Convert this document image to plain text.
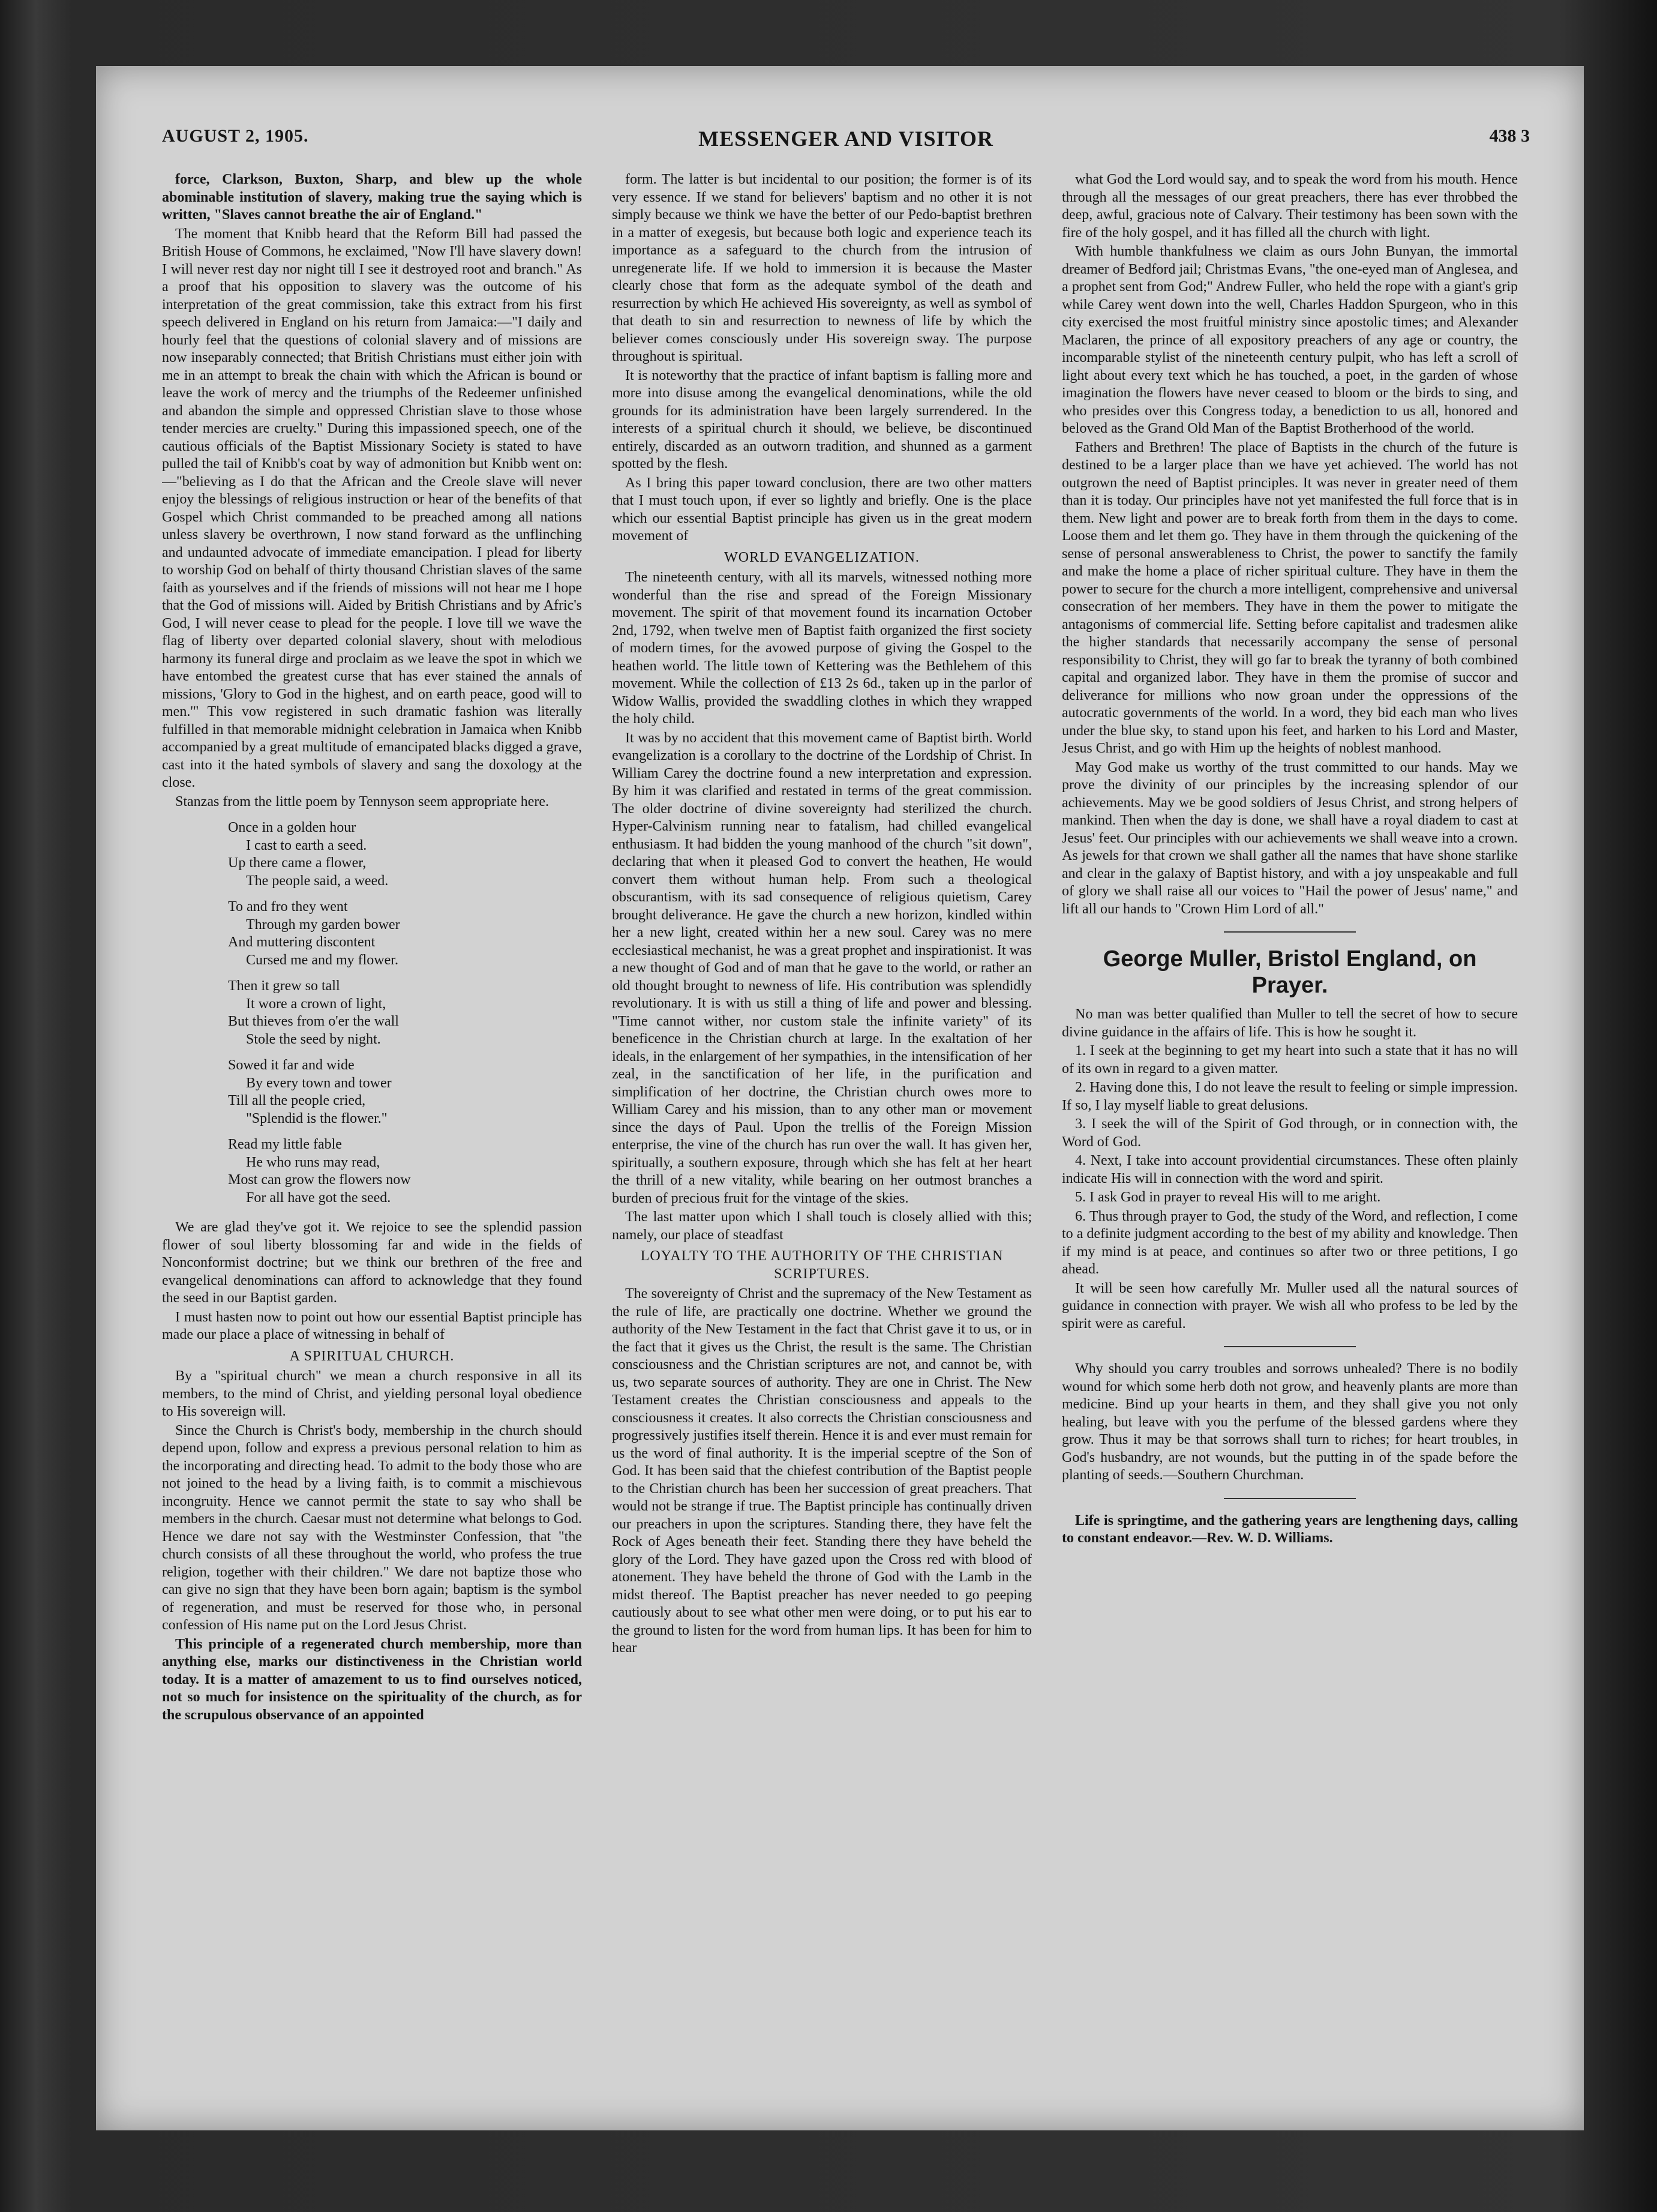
AUGUST 2, 1905.	MESSENGER AND VISITOR	438 3

force, Clarkson, Buxton, Sharp, and blew up the whole abominable institution of slavery, making true the saying which is written, "Slaves cannot breathe the air of England."

The moment that Knibb heard that the Reform Bill had passed the British House of Commons, he exclaimed, "Now I'll have slavery down! I will never rest day nor night till I see it destroyed root and branch." As a proof that his opposition to slavery was the outcome of his interpretation of the great commission, take this extract from his first speech delivered in England on his return from Jamaica:—"I daily and hourly feel that the questions of colonial slavery and of missions are now inseparably connected; that British Christians must either join with me in an attempt to break the chain with which the African is bound or leave the work of mercy and the triumphs of the Redeemer unfinished and abandon the simple and oppressed Christian slave to those whose tender mercies are cruelty." During this impassioned speech, one of the cautious officials of the Baptist Missionary Society is stated to have pulled the tail of Knibb's coat by way of admonition but Knibb went on:—"believing as I do that the African and the Creole slave will never enjoy the blessings of religious instruction or hear of the benefits of that Gospel which Christ commanded to be preached among all nations unless slavery be overthrown, I now stand forward as the unflinching and undaunted advocate of immediate emancipation. I plead for liberty to worship God on behalf of thirty thousand Christian slaves of the same faith as yourselves and if the friends of missions will not hear me I hope that the God of missions will. Aided by British Christians and by Afric's God, I will never cease to plead for the people. I love till we wave the flag of liberty over departed colonial slavery, shout with melodious harmony its funeral dirge and proclaim as we leave the spot in which we have entombed the greatest curse that has ever stained the annals of missions, 'Glory to God in the highest, and on earth peace, good will to men.'" This vow registered in such dramatic fashion was literally fulfilled in that memorable midnight celebration in Jamaica when Knibb accompanied by a great multitude of emancipated blacks digged a grave, cast into it the hated symbols of slavery and sang the doxology at the close.

Stanzas from the little poem by Tennyson seem appropriate here.

Once in a golden hour
I cast to earth a seed.
Up there came a flower,
The people said, a weed.
To and fro they went
Through my garden bower
And muttering discontent
Cursed me and my flower.
Then it grew so tall
It wore a crown of light,
But thieves from o'er the wall
Stole the seed by night.
Sowed it far and wide
By every town and tower
Till all the people cried,
"Splendid is the flower."
Read my little fable
He who runs may read,
Most can grow the flowers now
For all have got the seed.

We are glad they've got it. We rejoice to see the splendid passion flower of soul liberty blossoming far and wide in the fields of Nonconformist doctrine; but we think our brethren of the free and evangelical denominations can afford to acknowledge that they found the seed in our Baptist garden.

I must hasten now to point out how our essential Baptist principle has made our place a place of witnessing in behalf of

A SPIRITUAL CHURCH.

By a "spiritual church" we mean a church responsive in all its members, to the mind of Christ, and yielding personal loyal obedience to His sovereign will.

Since the Church is Christ's body, membership in the church should depend upon, follow and express a previous personal relation to him as the incorporating and directing head. To admit to the body those who are not joined to the head by a living faith, is to commit a mischievous incongruity. Hence we cannot permit the state to say who shall be members in the church. Caesar must not determine what belongs to God. Hence we dare not say with the Westminster Confession, that "the church consists of all these throughout the world, who profess the true religion, together with their children." We dare not baptize those who can give no sign that they have been born again; baptism is the symbol of regeneration, and must be reserved for those who, in personal confession of His name put on the Lord Jesus Christ.

This principle of a regenerated church membership, more than anything else, marks our distinctiveness in the Christian world today. It is a matter of amazement to us to find ourselves noticed, not so much for insistence on the spirituality of the church, as for the scrupulous observance of an appointed

form. The latter is but incidental to our position; the former is of its very essence. If we stand for believers' baptism and no other it is not simply because we think we have the better of our Pedo-baptist brethren in a matter of exegesis, but because both logic and experience teach its importance as a safeguard to the church from the intrusion of unregenerate life. If we hold to immersion it is because the Master clearly chose that form as the adequate symbol of the death and resurrection by which He achieved His sovereignty, as well as symbol of that death to sin and resurrection to newness of life by which the believer comes consciously under His sovereign sway. The purpose throughout is spiritual.

It is noteworthy that the practice of infant baptism is falling more and more into disuse among the evangelical denominations, while the old grounds for its administration have been largely surrendered. In the interests of a spiritual church it should, we believe, be discontinued entirely, discarded as an outworn tradition, and shunned as a garment spotted by the flesh.

As I bring this paper toward conclusion, there are two other matters that I must touch upon, if ever so lightly and briefly. One is the place which our essential Baptist principle has given us in the great modern movement of

WORLD EVANGELIZATION.

The nineteenth century, with all its marvels, witnessed nothing more wonderful than the rise and spread of the Foreign Missionary movement. The spirit of that movement found its incarnation October 2nd, 1792, when twelve men of Baptist faith organized the first society of modern times, for the avowed purpose of giving the Gospel to the heathen world. The little town of Kettering was the Bethlehem of this movement. While the collection of £13 2s 6d., taken up in the parlor of Widow Wallis, provided the swaddling clothes in which they wrapped the holy child.

It was by no accident that this movement came of Baptist birth. World evangelization is a corollary to the doctrine of the Lordship of Christ. In William Carey the doctrine found a new interpretation and expression. By him it was clarified and restated in terms of the great commission. The older doctrine of divine sovereignty had sterilized the church. Hyper-Calvinism running near to fatalism, had chilled evangelical enthusiasm. It had bidden the young manhood of the church "sit down", declaring that when it pleased God to convert the heathen, He would convert them without human help. From such a theological obscurantism, with its sad consequence of religious quietism, Carey brought deliverance. He gave the church a new horizon, kindled within her a new light, created within her a new soul. Carey was no mere ecclesiastical mechanist, he was a great prophet and inspirationist. It was a new thought of God and of man that he gave to the world, or rather an old thought brought to newness of life. His contribution was splendidly revolutionary. It is with us still a thing of life and power and blessing. "Time cannot wither, nor custom stale the infinite variety" of its beneficence in the Christian church at large. In the exaltation of her ideals, in the enlargement of her sympathies, in the intensification of her zeal, in the sanctification of her life, in the purification and simplification of her doctrine, the Christian church owes more to William Carey and his mission, than to any other man or movement since the days of Paul. Upon the trellis of the Foreign Mission enterprise, the vine of the church has run over the wall. It has given her, spiritually, a southern exposure, through which she has felt at her heart the thrill of a new vitality, while bearing on her outmost branches a burden of precious fruit for the vintage of the skies.

The last matter upon which I shall touch is closely allied with this; namely, our place of steadfast

LOYALTY TO THE AUTHORITY OF THE CHRISTIAN SCRIPTURES.

The sovereignty of Christ and the supremacy of the New Testament as the rule of life, are practically one doctrine. Whether we ground the authority of the New Testament in the fact that Christ gave it to us, or in the fact that it gives us the Christ, the result is the same. The Christian consciousness and the Christian scriptures are not, and cannot be, with us, two separate sources of authority. They are one in Christ. The New Testament creates the Christian consciousness and appeals to the consciousness it creates. It also corrects the Christian consciousness and progressively justifies itself therein. Hence it is and ever must remain for us the word of final authority. It is the imperial sceptre of the Son of God. It has been said that the chiefest contribution of the Baptist people to the Christian church has been her succession of great preachers. That would not be strange if true. The Baptist principle has continually driven our preachers in upon the scriptures. Standing there, they have felt the Rock of Ages beneath their feet. Standing there they have beheld the glory of the Lord. They have gazed upon the Cross red with blood of atonement. They have beheld the throne of God with the Lamb in the midst thereof. The Baptist preacher has never needed to go peeping cautiously about to see what other men were doing, or to put his ear to the ground to listen for the word from human lips. It has been for him to hear

what God the Lord would say, and to speak the word from his mouth. Hence through all the messages of our great preachers, there has ever throbbed the deep, awful, gracious note of Calvary. Their testimony has been sown with the fire of the holy gospel, and it has filled all the church with light.

With humble thankfulness we claim as ours John Bunyan, the immortal dreamer of Bedford jail; Christmas Evans, "the one-eyed man of Anglesea, and a prophet sent from God;" Andrew Fuller, who held the rope with a giant's grip while Carey went down into the well, Charles Haddon Spurgeon, who in this city exercised the most fruitful ministry since apostolic times; and Alexander Maclaren, the prince of all expository preachers of any age or country, the incomparable stylist of the nineteenth century pulpit, who has left a scroll of light about every text which he has touched, a poet, in the garden of whose imagination the flowers have never ceased to bloom or the birds to sing, and who presides over this Congress today, a benediction to us all, honored and beloved as the Grand Old Man of the Baptist Brotherhood of the world.

Fathers and Brethren! The place of Baptists in the church of the future is destined to be a larger place than we have yet achieved. The world has not outgrown the need of Baptist principles. It was never in greater need of them than it is today. Our principles have not yet manifested the full force that is in them. New light and power are to break forth from them in the days to come. Loose them and let them go. They have in them through the quickening of the sense of personal answerableness to Christ, the power to sanctify the family and make the home a place of richer spiritual culture. They have in them the power to secure for the church a more intelligent, comprehensive and universal consecration of her members. They have in them the power to mitigate the antagonisms of commercial life. Setting before capitalist and tradesmen alike the higher standards that necessarily accompany the sense of personal responsibility to Christ, they will go far to break the tyranny of both combined capital and organized labor. They have in them the promise of succor and deliverance for millions who now groan under the oppressions of the autocratic governments of the world. In a word, they bid each man who lives under the blue sky, to stand upon his feet, and harken to his Lord and Master, Jesus Christ, and go with Him up the heights of noblest manhood.

May God make us worthy of the trust committed to our hands. May we prove the divinity of our principles by the increasing splendor of our achievements. May we be good soldiers of Jesus Christ, and strong helpers of mankind. Then when the day is done, we shall have a royal diadem to cast at Jesus' feet. Our principles with our achievements we shall weave into a crown. As jewels for that crown we shall gather all the names that have shone starlike and clear in the galaxy of Baptist history, and with a joy unspeakable and full of glory we shall raise all our voices to "Hail the power of Jesus' name," and lift all our hands to "Crown Him Lord of all."

George Muller, Bristol England, on Prayer.

No man was better qualified than Muller to tell the secret of how to secure divine guidance in the affairs of life. This is how he sought it.

1. I seek at the beginning to get my heart into such a state that it has no will of its own in regard to a given matter.

2. Having done this, I do not leave the result to feeling or simple impression. If so, I lay myself liable to great delusions.

3. I seek the will of the Spirit of God through, or in connection with, the Word of God.

4. Next, I take into account providential circumstances. These often plainly indicate His will in connection with the word and spirit.

5. I ask God in prayer to reveal His will to me aright.

6. Thus through prayer to God, the study of the Word, and reflection, I come to a definite judgment according to the best of my ability and knowledge. Then if my mind is at peace, and continues so after two or three petitions, I go ahead.

It will be seen how carefully Mr. Muller used all the natural sources of guidance in connection with prayer. We wish all who profess to be led by the spirit were as careful.

Why should you carry troubles and sorrows unhealed? There is no bodily wound for which some herb doth not grow, and heavenly plants are more than medicine. Bind up your hearts in them, and they shall give you not only healing, but leave with you the perfume of the blessed gardens where they grow. Thus it may be that sorrows shall turn to riches; for heart troubles, in God's husbandry, are not wounds, but the putting in of the spade before the planting of seeds.—Southern Churchman.

Life is springtime, and the gathering years are lengthening days, calling to constant endeavor.—Rev. W. D. Williams.
